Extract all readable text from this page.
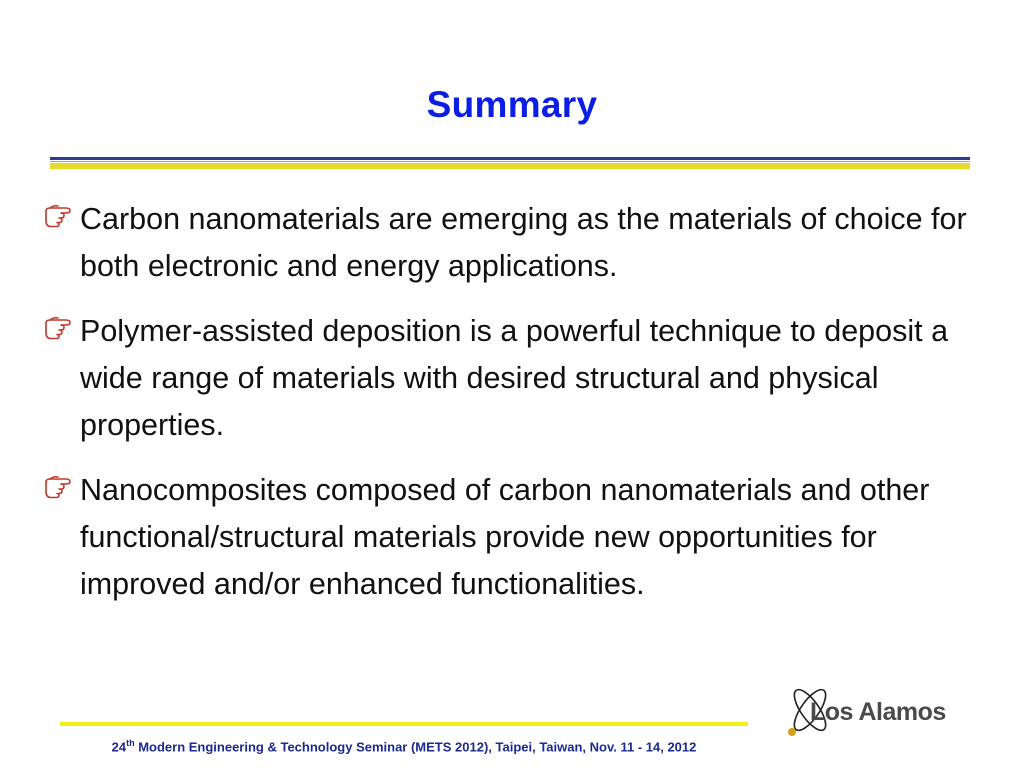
Summary
Carbon nanomaterials are emerging as the materials of choice for both electronic and energy applications.
Polymer-assisted deposition is a powerful technique to deposit a wide range of materials with desired structural and physical properties.
Nanocomposites composed of carbon nanomaterials and other functional/structural materials provide new opportunities for improved and/or enhanced functionalities.
24th Modern Engineering & Technology Seminar (METS 2012), Taipei, Taiwan, Nov. 11 - 14, 2012
Los Alamos
